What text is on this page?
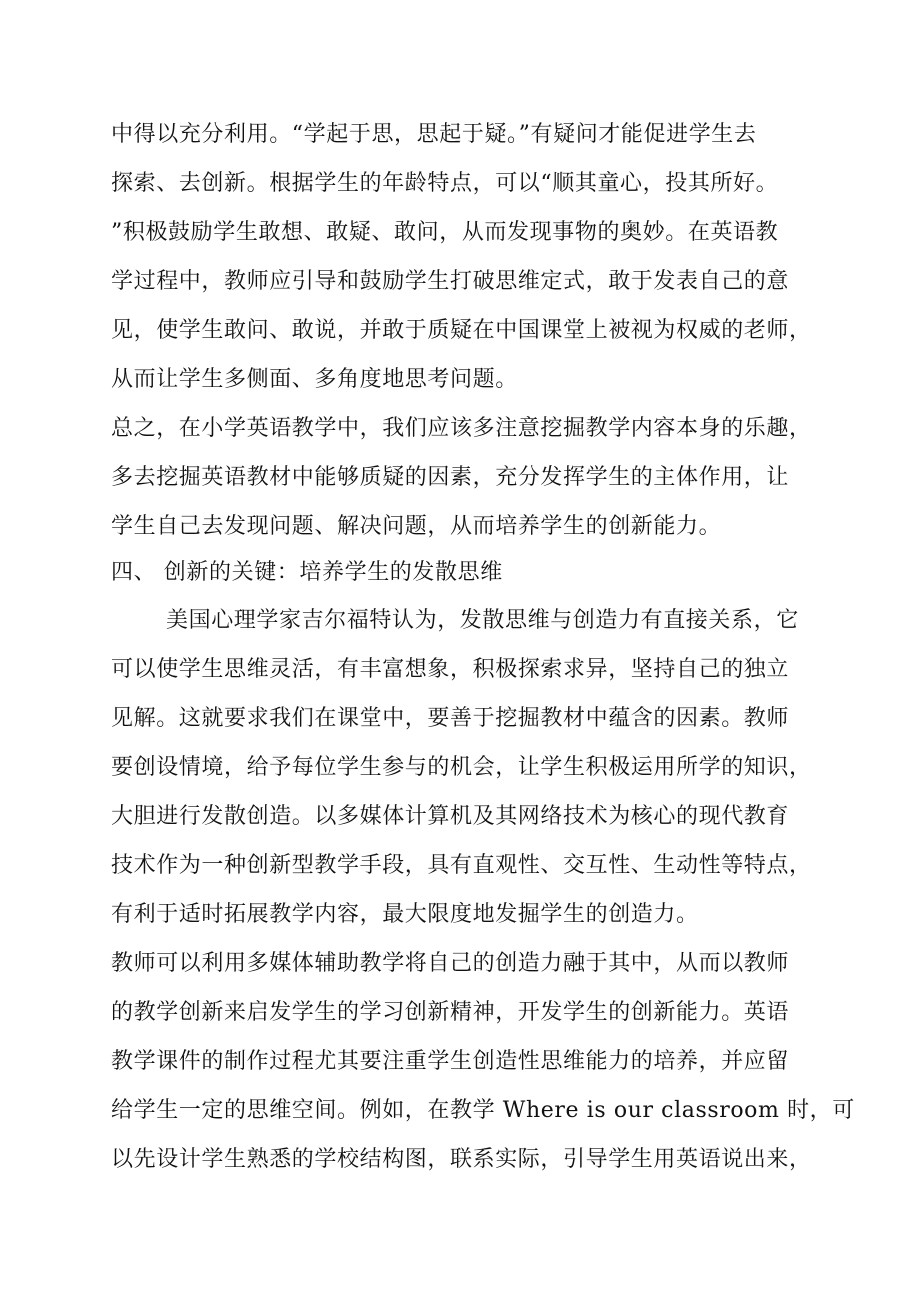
中得以充分利用。“学起于思，思起于疑。”有疑问才能促进学生去
探索、去创新。根据学生的年龄特点，可以“顺其童心，投其所好。
”积极鼓励学生敢想、敢疑、敢问，从而发现事物的奥妙。在英语教
学过程中，教师应引导和鼓励学生打破思维定式，敢于发表自己的意
见，使学生敢问、敢说，并敢于质疑在中国课堂上被视为权威的老师，
从而让学生多侧面、多角度地思考问题。
总之，在小学英语教学中，我们应该多注意挖掘教学内容本身的乐趣，
多去挖掘英语教材中能够质疑的因素，充分发挥学生的主体作用，让
学生自己去发现问题、解决问题，从而培养学生的创新能力。
四、 创新的关键：培养学生的发散思维
美国心理学家吉尔福特认为，发散思维与创造力有直接关系，它
可以使学生思维灵活，有丰富想象，积极探索求异，坚持自己的独立
见解。这就要求我们在课堂中，要善于挖掘教材中蕴含的因素。教师
要创设情境，给予每位学生参与的机会，让学生积极运用所学的知识，
大胆进行发散创造。以多媒体计算机及其网络技术为核心的现代教育
技术作为一种创新型教学手段，具有直观性、交互性、生动性等特点，
有利于适时拓展教学内容，最大限度地发掘学生的创造力。
教师可以利用多媒体辅助教学将自己的创造力融于其中，从而以教师
的教学创新来启发学生的学习创新精神，开发学生的创新能力。英语
教学课件的制作过程尤其要注重学生创造性思维能力的培养，并应留
给学生一定的思维空间。例如，在教学 Where is our classroom 时，可
以先设计学生熟悉的学校结构图，联系实际，引导学生用英语说出来，
